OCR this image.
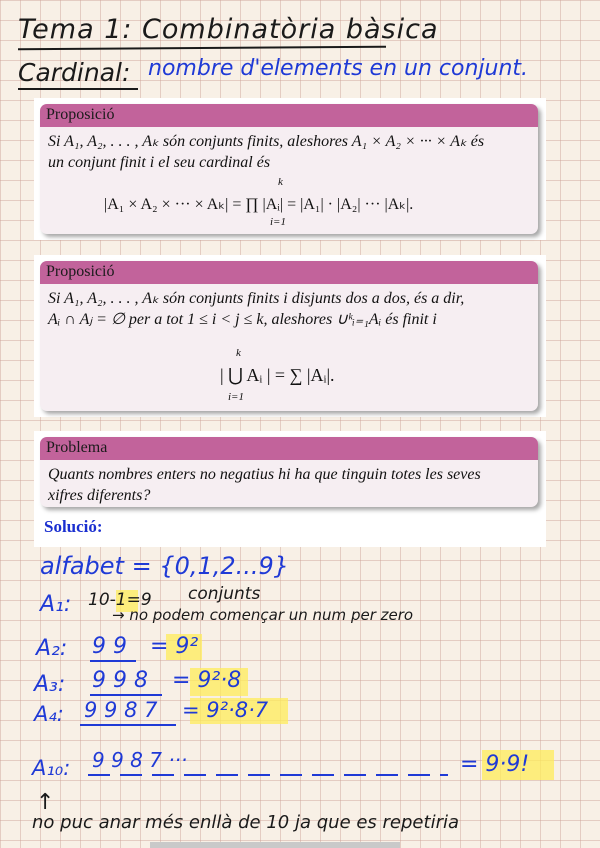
Tema 1: Combinatòria bàsica
Cardinal: nombre d'elements en un conjunt.
Proposició
Si A₁, A₂, . . . , Aₖ són conjunts finits, aleshores A₁ × A₂ × ··· × Aₖ és
un conjunt finit i el seu cardinal és
|A₁ × A₂ × ··· × Aₖ| = ∏ |Aᵢ| = |A₁| · |A₂| ··· |Aₖ|.
k
i=1
Proposició
Si A₁, A₂, . . . , Aₖ són conjunts finits i disjunts dos a dos, és a dir,
Aᵢ ∩ Aⱼ = ∅ per a tot 1 ≤ i < j ≤ k, aleshores ∪ᵏᵢ₌₁Aᵢ és finit i
| ⋃ Aᵢ | = ∑ |Aᵢ|.
k
i=1
Problema
Quants nombres enters no negatius hi ha que tinguin totes les seves
xifres diferents?
Solució:
alfabet = {0,1,2...9}
A₁: 10-1=9 conjunts
→ no podem començar un num per zero
A₂: 9 9 = 9²
A₃: 9 9 8 = 9²·8
A₄: 9 9 8 7 = 9²·8·7
A₁₀: 9 9 8 7 ···	= 9·9!
↑
no puc anar més enllà de 10 ja que es repetiria
